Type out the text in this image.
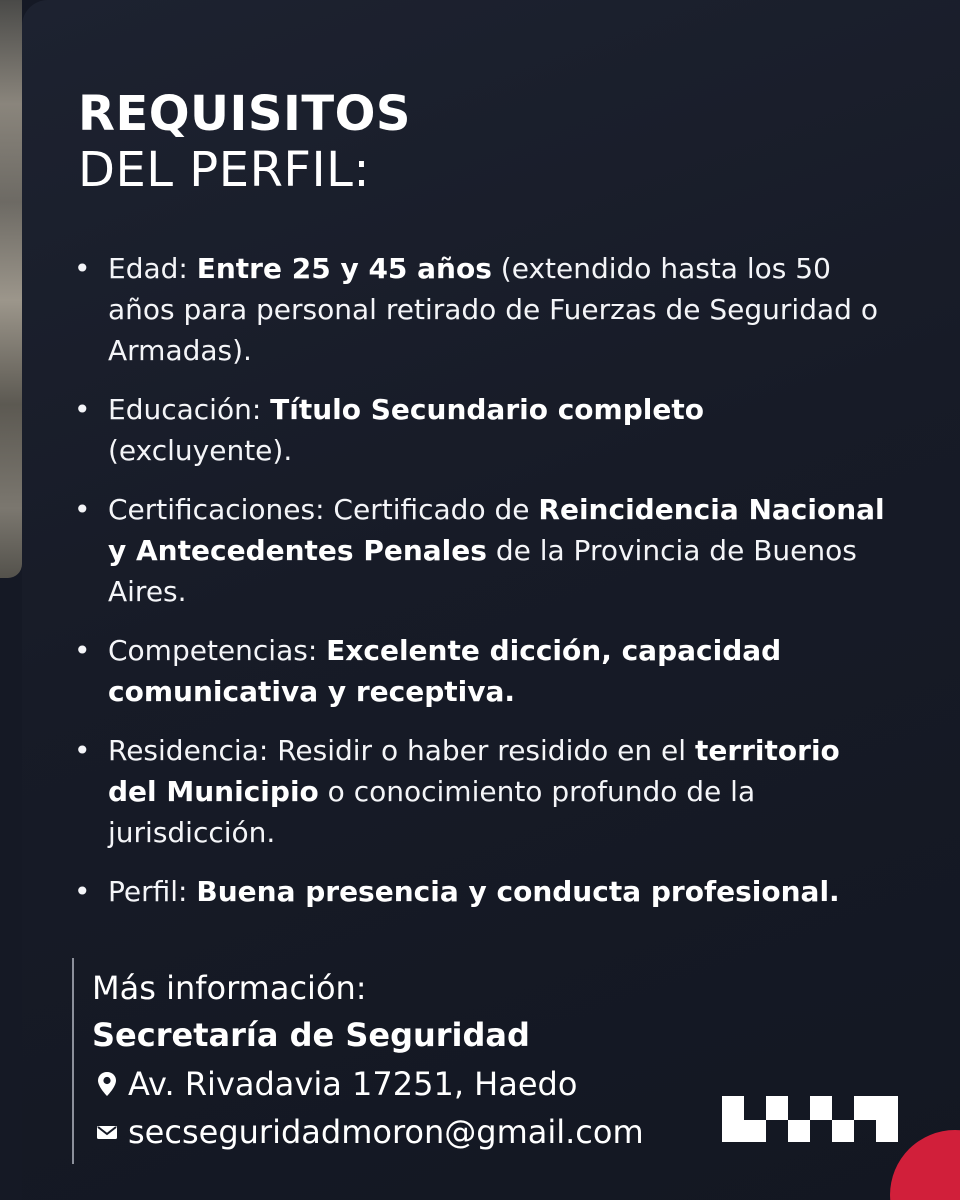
REQUISITOS
DEL PERFIL:
• Edad: Entre 25 y 45 años (extendido hasta los 50 años para personal retirado de Fuerzas de Seguridad o Armadas).
• Educación: Título Secundario completo (excluyente).
• Certificaciones: Certificado de Reincidencia Nacional y Antecedentes Penales de la Provincia de Buenos Aires.
• Competencias: Excelente dicción, capacidad comunicativa y receptiva.
• Residencia: Residir o haber residido en el territorio del Municipio o conocimiento profundo de la jurisdicción.
• Perfil: Buena presencia y conducta profesional.
Más información:
Secretaría de Seguridad
Av. Rivadavia 17251, Haedo
secseguridadmoron@gmail.com
